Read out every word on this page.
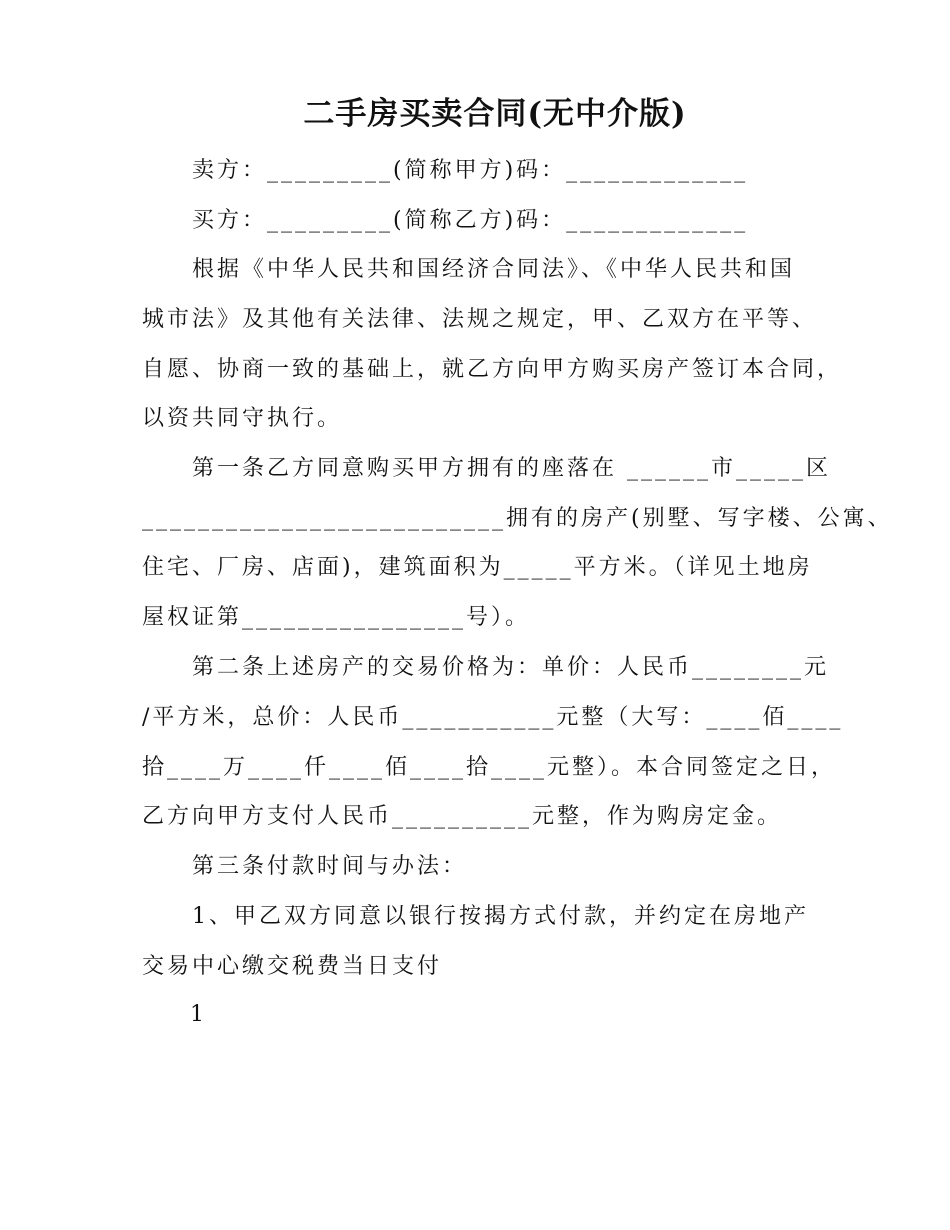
二手房买卖合同(无中介版)
卖方：_________(简称甲方)码：_____________
买方：_________(简称乙方)码：_____________
根据《中华人民共和国经济合同法》、《中华人民共和国
城市法》及其他有关法律、法规之规定，甲、乙双方在平等、
自愿、协商一致的基础上，就乙方向甲方购买房产签订本合同，
以资共同守执行。
第一条乙方同意购买甲方拥有的座落在 ______市_____区
__________________________拥有的房产(别墅、写字楼、公寓、
住宅、厂房、店面)，建筑面积为_____平方米。（详见土地房
屋权证第________________号）。
第二条上述房产的交易价格为：单价：人民币________元
/平方米，总价：人民币___________元整（大写：____佰____
拾____万____仟____佰____拾____元整）。本合同签定之日，
乙方向甲方支付人民币__________元整，作为购房定金。
第三条付款时间与办法：
1、甲乙双方同意以银行按揭方式付款，并约定在房地产
交易中心缴交税费当日支付
1
